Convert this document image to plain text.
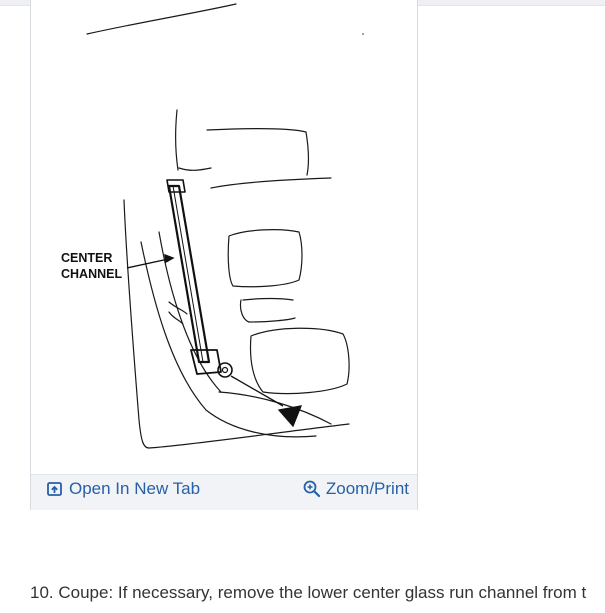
CENTER
CHANNEL
Open In New Tab	Zoom/Print
10. Coupe: If necessary, remove the lower center glass run channel from t
